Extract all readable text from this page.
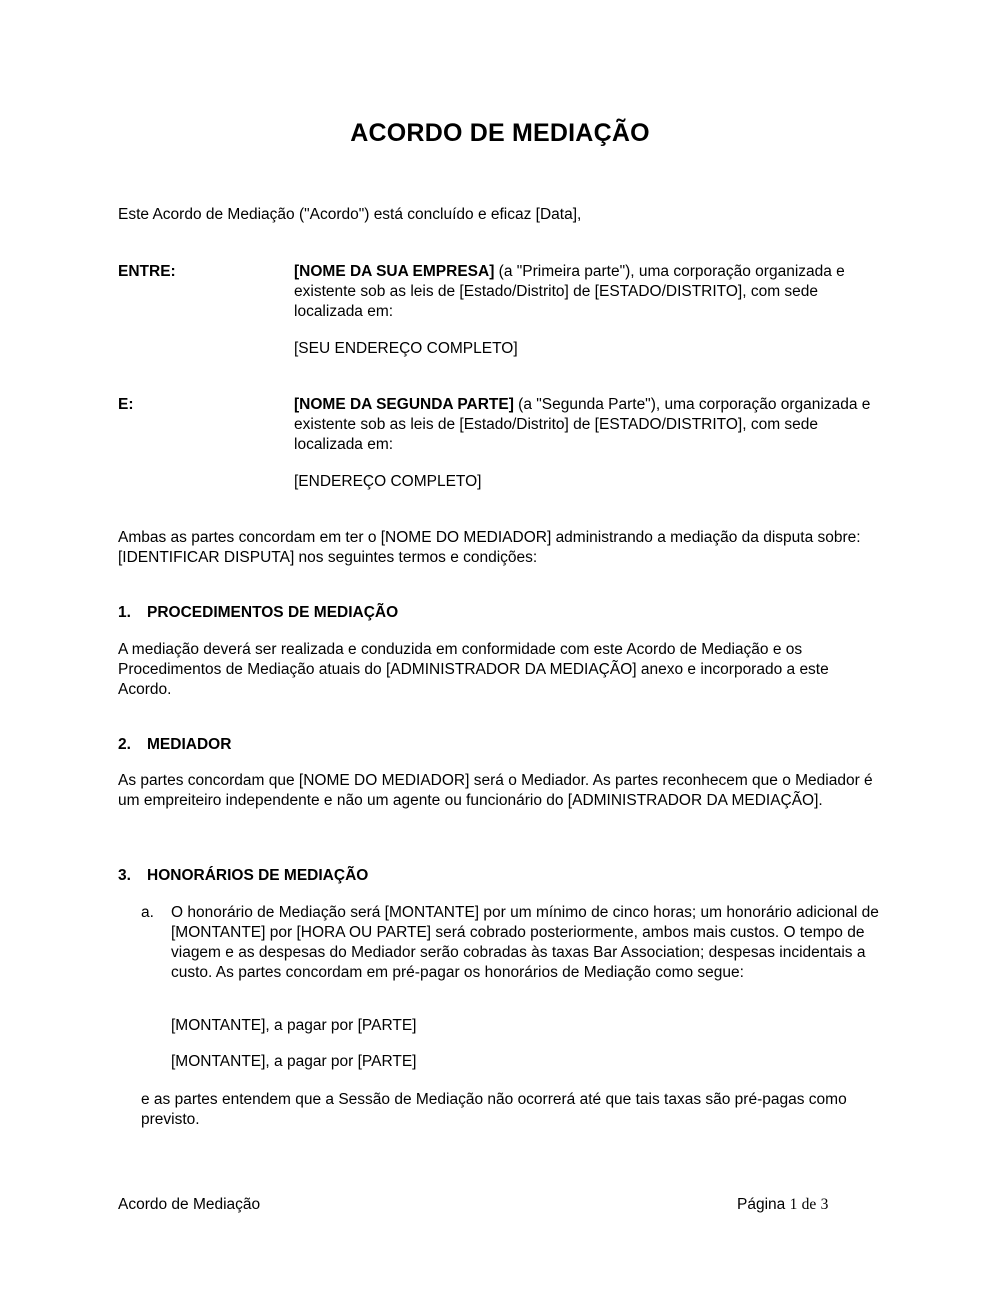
ACORDO DE MEDIAÇÃO
Este Acordo de Mediação ("Acordo") está concluído e eficaz [Data],
ENTRE:	[NOME DA SUA EMPRESA] (a "Primeira parte"), uma corporação organizada e existente sob as leis de [Estado/Distrito] de [ESTADO/DISTRITO], com sede localizada em:

[SEU ENDEREÇO COMPLETO]

E:	[NOME DA SEGUNDA PARTE] (a "Segunda Parte"), uma corporação organizada e existente sob as leis de [Estado/Distrito] de [ESTADO/DISTRITO], com sede localizada em:

[ENDEREÇO COMPLETO]

Ambas as partes concordam em ter o [NOME DO MEDIADOR] administrando a mediação da disputa sobre: [IDENTIFICAR DISPUTA] nos seguintes termos e condições:
1. PROCEDIMENTOS DE MEDIAÇÃO
A mediação deverá ser realizada e conduzida em conformidade com este Acordo de Mediação e os Procedimentos de Mediação atuais do [ADMINISTRADOR DA MEDIAÇÃO] anexo e incorporado a este Acordo.
2. MEDIADOR
As partes concordam que [NOME DO MEDIADOR] será o Mediador. As partes reconhecem que o Mediador é um empreiteiro independente e não um agente ou funcionário do [ADMINISTRADOR DA MEDIAÇÃO].
3. HONORÁRIOS DE MEDIAÇÃO
a. O honorário de Mediação será [MONTANTE] por um mínimo de cinco horas; um honorário adicional de [MONTANTE] por [HORA OU PARTE] será cobrado posteriormente, ambos mais custos. O tempo de viagem e as despesas do Mediador serão cobradas às taxas Bar Association; despesas incidentais a custo. As partes concordam em pré-pagar os honorários de Mediação como segue:
[MONTANTE], a pagar por [PARTE]
[MONTANTE], a pagar por [PARTE]
e as partes entendem que a Sessão de Mediação não ocorrerá até que tais taxas são pré-pagas como previsto.
Acordo de Mediação	Página 1 de 3
